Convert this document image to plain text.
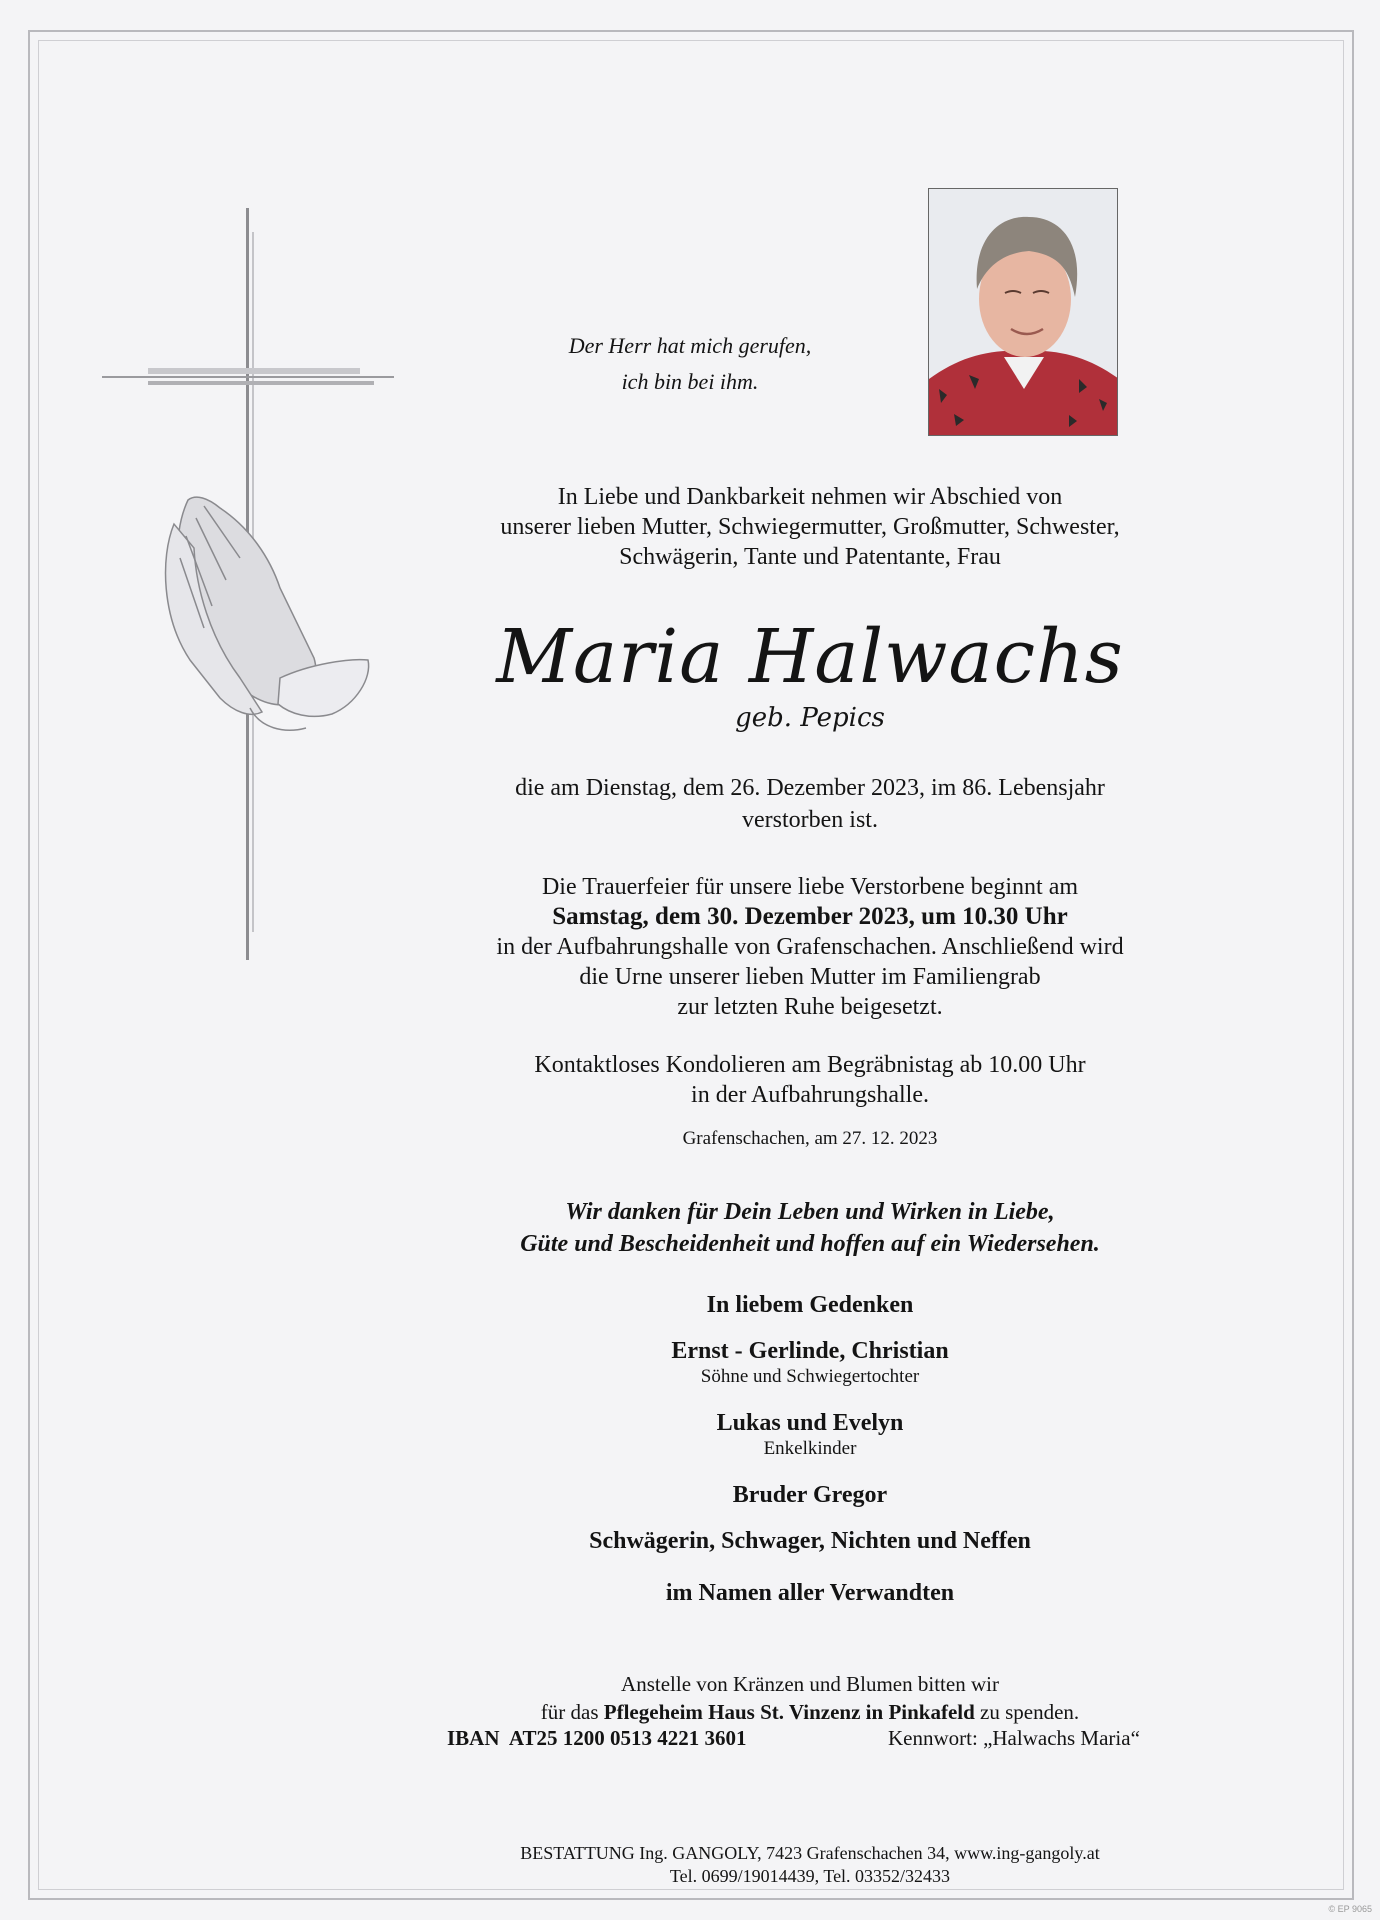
Der Herr hat mich gerufen,
ich bin bei ihm.
In Liebe und Dankbarkeit nehmen wir Abschied von
unserer lieben Mutter, Schwiegermutter, Großmutter, Schwester,
Schwägerin, Tante und Patentante, Frau
Maria Halwachs
geb. Pepics
die am Dienstag, dem 26. Dezember 2023, im 86. Lebensjahr
verstorben ist.
Die Trauerfeier für unsere liebe Verstorbene beginnt am
Samstag, dem 30. Dezember 2023, um 10.30 Uhr
in der Aufbahrungshalle von Grafenschachen. Anschließend wird
die Urne unserer lieben Mutter im Familiengrab
zur letzten Ruhe beigesetzt.
Kontaktloses Kondolieren am Begräbnistag ab 10.00 Uhr
in der Aufbahrungshalle.
Grafenschachen, am 27. 12. 2023
Wir danken für Dein Leben und Wirken in Liebe,
Güte und Bescheidenheit und hoffen auf ein Wiedersehen.
In liebem Gedenken
Ernst - Gerlinde, Christian
Söhne und Schwiegertochter
Lukas und Evelyn
Enkelkinder
Bruder Gregor
Schwägerin, Schwager, Nichten und Neffen
im Namen aller Verwandten
Anstelle von Kränzen und Blumen bitten wir
für das Pflegeheim Haus St. Vinzenz in Pinkafeld zu spenden.
IBAN  AT25 1200 0513 4221 3601	Kennwort: „Halwachs Maria“
BESTATTUNG Ing. GANGOLY, 7423 Grafenschachen 34, www.ing-gangoly.at
Tel. 0699/19014439, Tel. 03352/32433
© EP 9065
